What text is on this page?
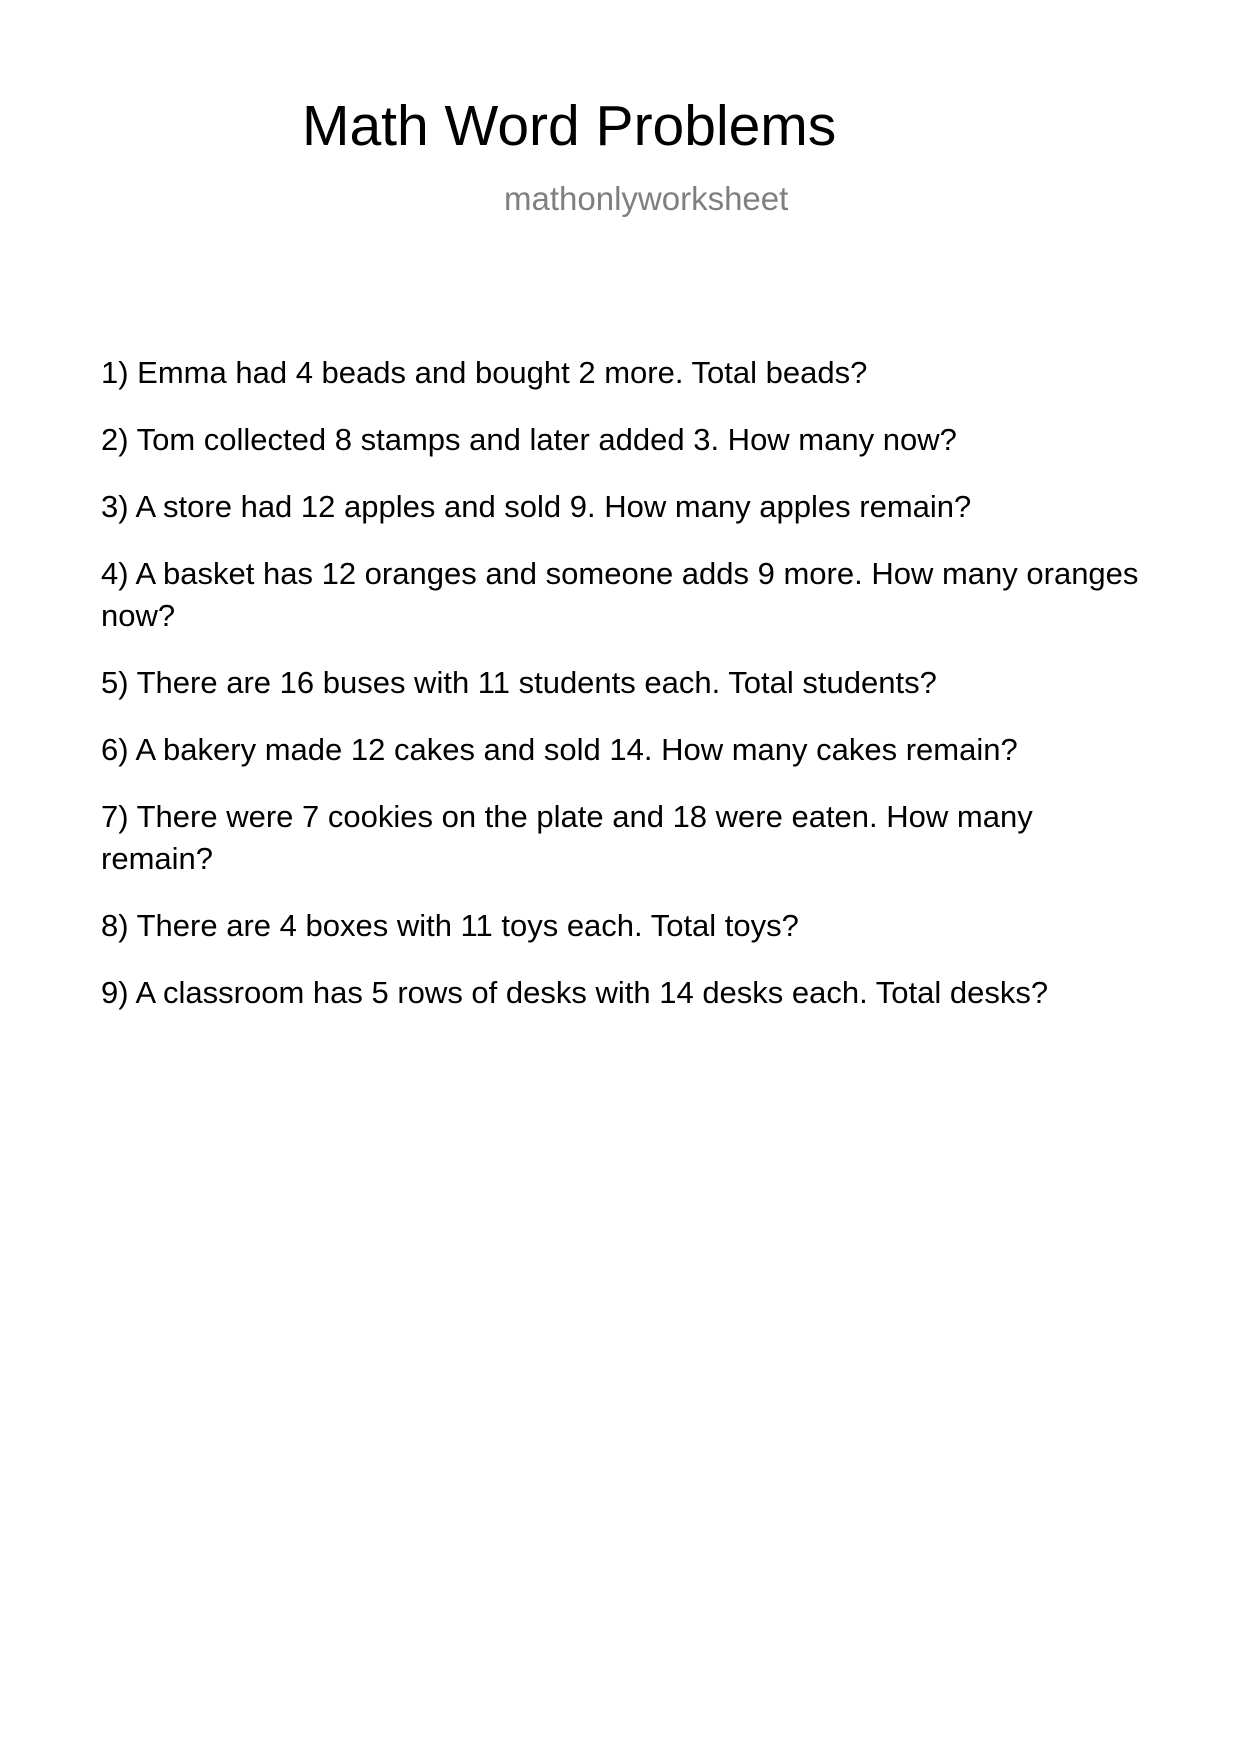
Math Word Problems
mathonlyworksheet
1) Emma had 4 beads and bought 2 more. Total beads?
2) Tom collected 8 stamps and later added 3. How many now?
3) A store had 12 apples and sold 9. How many apples remain?
4) A basket has 12 oranges and someone adds 9 more. How many oranges now?
5) There are 16 buses with 11 students each. Total students?
6) A bakery made 12 cakes and sold 14. How many cakes remain?
7) There were 7 cookies on the plate and 18 were eaten. How many remain?
8) There are 4 boxes with 11 toys each. Total toys?
9) A classroom has 5 rows of desks with 14 desks each. Total desks?
